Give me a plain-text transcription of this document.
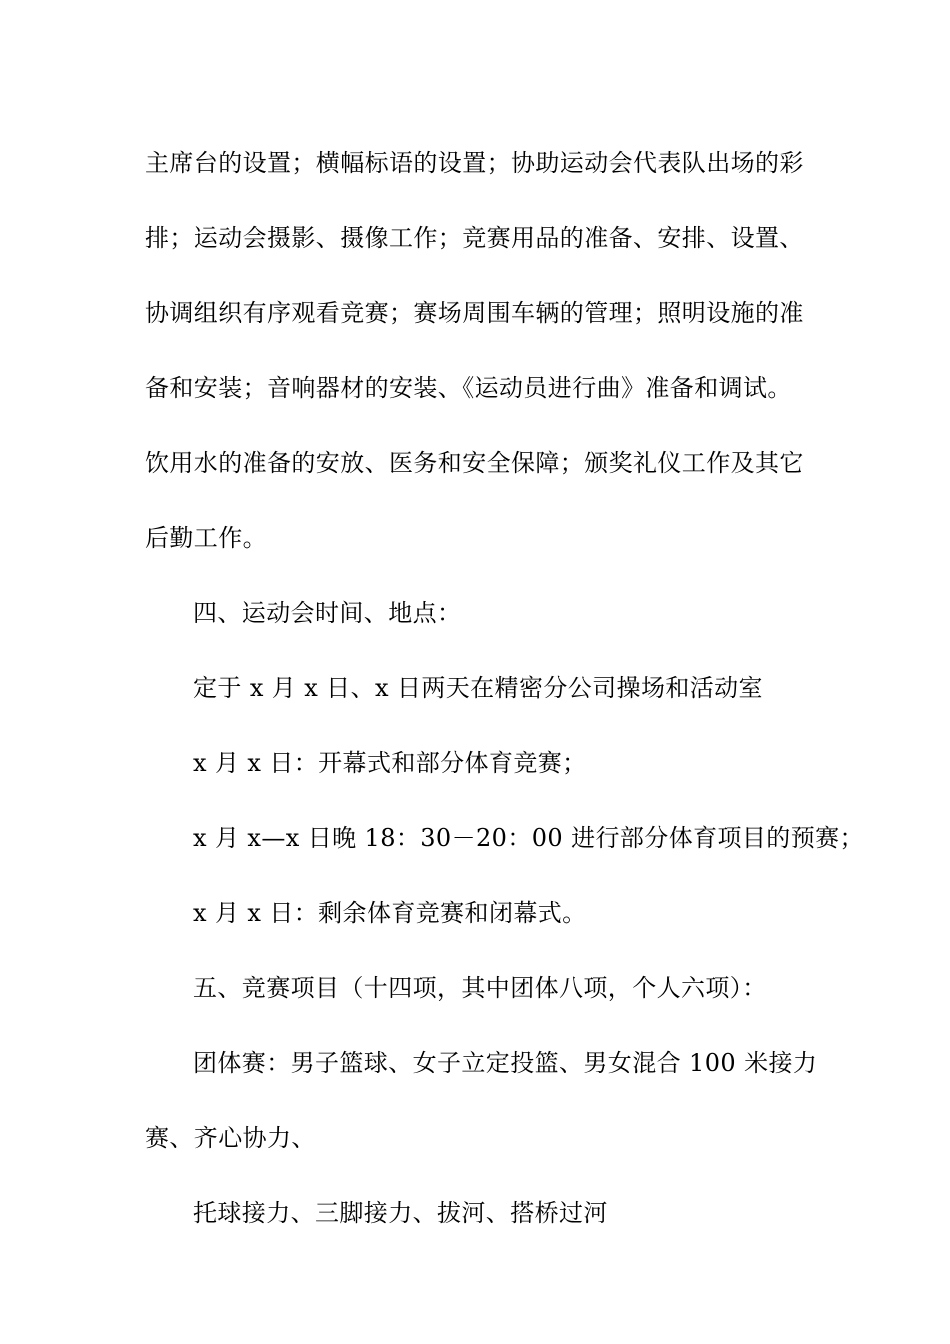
主席台的设置；横幅标语的设置；协助运动会代表队出场的彩
排；运动会摄影、摄像工作；竞赛用品的准备、安排、设置、
协调组织有序观看竞赛；赛场周围车辆的管理；照明设施的准
备和安装；音响器材的安装、《运动员进行曲》准备和调试。
饮用水的准备的安放、医务和安全保障；颁奖礼仪工作及其它
后勤工作。

四、运动会时间、地点：

定于 x 月 x 日、x 日两天在精密分公司操场和活动室

x 月 x 日：开幕式和部分体育竞赛；

x 月 x—x 日晚 18：30－20：00 进行部分体育项目的预赛；

x 月 x 日：剩余体育竞赛和闭幕式。

五、竞赛项目（十四项，其中团体八项，个人六项）：

团体赛：男子篮球、女子立定投篮、男女混合 100 米接力
赛、齐心协力、

托球接力、三脚接力、拔河、搭桥过河
